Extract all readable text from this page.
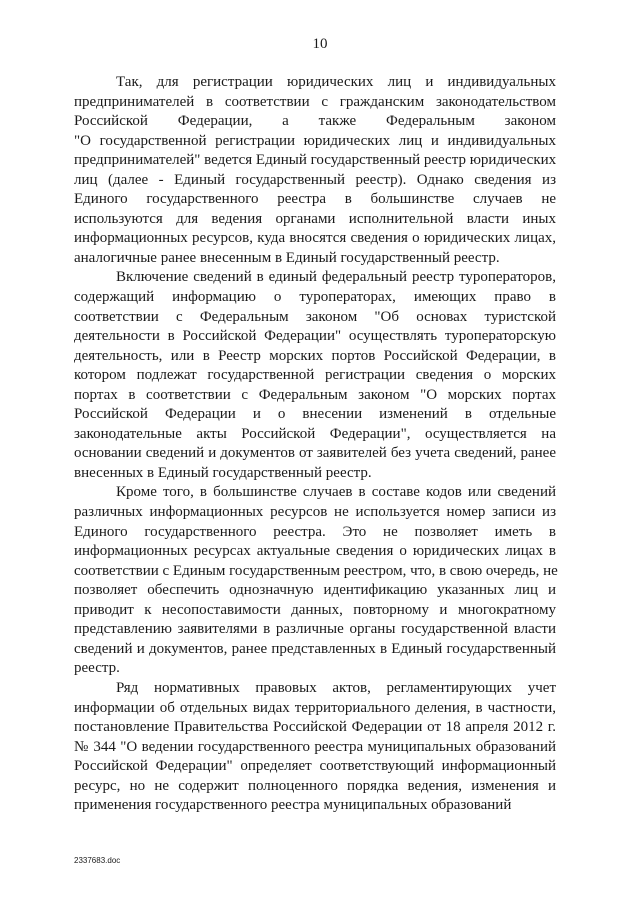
10
Так, для регистрации юридических лиц и индивидуальных
предпринимателей в соответствии с гражданским законодательством
Российской Федерации, а также Федеральным законом
"О государственной регистрации юридических лиц и индивидуальных
предпринимателей" ведется Единый государственный реестр юридических
лиц (далее - Единый государственный реестр). Однако сведения из
Единого государственного реестра в большинстве случаев не
используются для ведения органами исполнительной власти иных
информационных ресурсов, куда вносятся сведения о юридических лицах,
аналогичные ранее внесенным в Единый государственный реестр.
Включение сведений в единый федеральный реестр туроператоров,
содержащий информацию о туроператорах, имеющих право в
соответствии с Федеральным законом "Об основах туристской
деятельности в Российской Федерации" осуществлять туроператорскую
деятельность, или в Реестр морских портов Российской Федерации, в
котором подлежат государственной регистрации сведения о морских
портах в соответствии с Федеральным законом "О морских портах
Российской Федерации и о внесении изменений в отдельные
законодательные акты Российской Федерации", осуществляется на
основании сведений и документов от заявителей без учета сведений, ранее
внесенных в Единый государственный реестр.
Кроме того, в большинстве случаев в составе кодов или сведений
различных информационных ресурсов не используется номер записи из
Единого государственного реестра. Это не позволяет иметь в
информационных ресурсах актуальные сведения о юридических лицах в
соответствии с Единым государственным реестром, что, в свою очередь, не
позволяет обеспечить однозначную идентификацию указанных лиц и
приводит к несопоставимости данных, повторному и многократному
представлению заявителями в различные органы государственной власти
сведений и документов, ранее представленных в Единый государственный
реестр.
Ряд нормативных правовых актов, регламентирующих учет
информации об отдельных видах территориального деления, в частности,
постановление Правительства Российской Федерации от 18 апреля 2012 г.
№ 344 "О ведении государственного реестра муниципальных образований
Российской Федерации" определяет соответствующий информационный
ресурс, но не содержит полноценного порядка ведения, изменения и
применения государственного реестра муниципальных образований
2337683.doc
